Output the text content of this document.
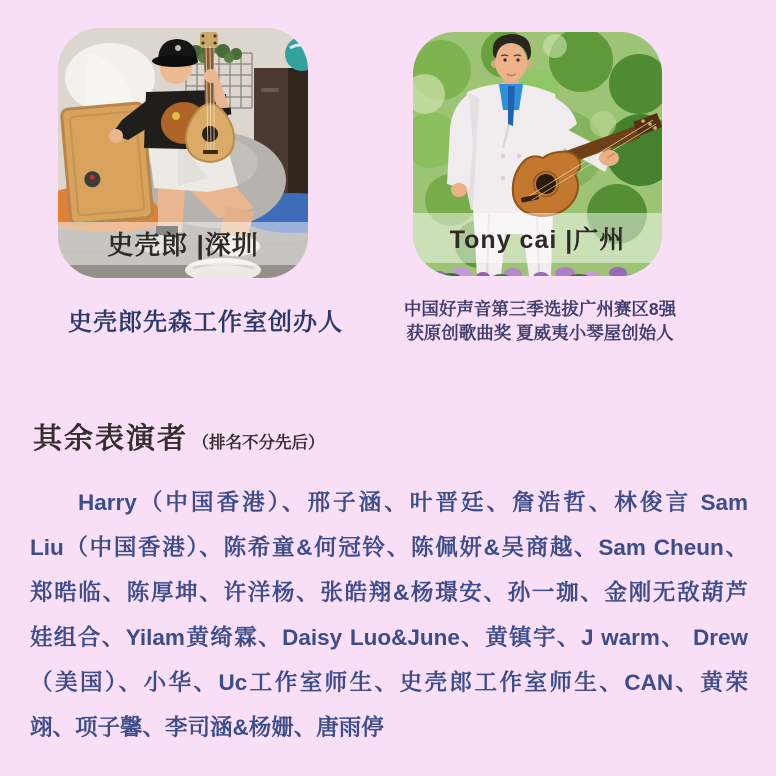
史壳郎 |深圳	Tony cai |广州
史壳郎先森工作室创办人	中国好声音第三季选拔广州赛区8强
获原创歌曲奖 夏威夷小琴屋创始人
其余表演者 （排名不分先后）
Harry（中国香港）、邢子涵、叶晋廷、詹浩哲、林俊言 Sam
Liu（中国香港）、陈希童&何冠铃、陈佩妍&吴商越、Sam Cheun、
郑晧临、陈厚坤、许洋杨、张皓翔&杨璟安、孙一珈、金刚无敌葫芦
娃组合、Yilam黄绮霖、Daisy Luo&June、黄镇宇、J warm、 Drew
（美国）、小华、Uc工作室师生、史壳郎工作室师生、CAN、黄荣
翊、项子馨、李司涵&杨姗、唐雨停
